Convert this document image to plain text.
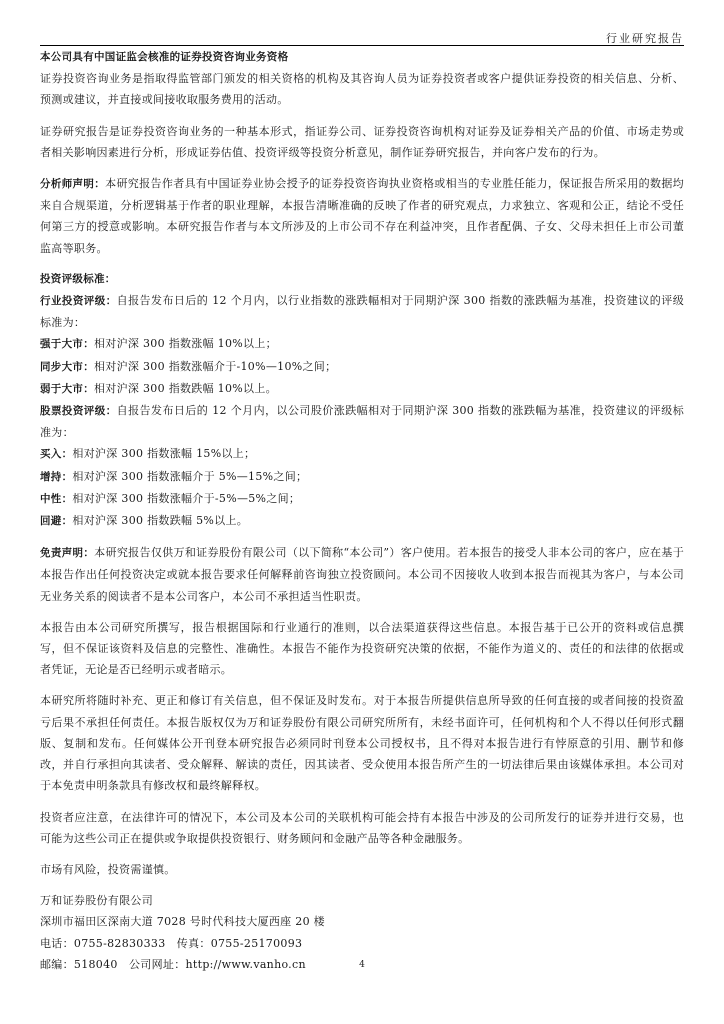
行业研究报告

本公司具有中国证监会核准的证券投资咨询业务资格

证券投资咨询业务是指取得监管部门颁发的相关资格的机构及其咨询人员为证券投资者或客户提供证券投资的相关信息、分析、预测或建议，并直接或间接收取服务费用的活动。

证券研究报告是证券投资咨询业务的一种基本形式，指证券公司、证券投资咨询机构对证券及证券相关产品的价值、市场走势或者相关影响因素进行分析，形成证券估值、投资评级等投资分析意见，制作证券研究报告，并向客户发布的行为。

分析师声明：本研究报告作者具有中国证券业协会授予的证券投资咨询执业资格或相当的专业胜任能力，保证报告所采用的数据均来自合规渠道，分析逻辑基于作者的职业理解，本报告清晰准确的反映了作者的研究观点，力求独立、客观和公正，结论不受任何第三方的授意或影响。本研究报告作者与本文所涉及的上市公司不存在利益冲突，且作者配偶、子女、父母未担任上市公司董监高等职务。

投资评级标准：

行业投资评级：自报告发布日后的 12 个月内，以行业指数的涨跌幅相对于同期沪深 300 指数的涨跌幅为基准，投资建议的评级标准为：

强于大市：相对沪深 300 指数涨幅 10%以上；

同步大市：相对沪深 300 指数涨幅介于-10%—10%之间；

弱于大市：相对沪深 300 指数跌幅 10%以上。

股票投资评级：自报告发布日后的 12 个月内，以公司股价涨跌幅相对于同期沪深 300 指数的涨跌幅为基准，投资建议的评级标准为：

买入：相对沪深 300 指数涨幅 15%以上；

增持：相对沪深 300 指数涨幅介于 5%—15%之间；

中性：相对沪深 300 指数涨幅介于-5%—5%之间；

回避：相对沪深 300 指数跌幅 5%以上。

免责声明：本研究报告仅供万和证券股份有限公司（以下简称“本公司”）客户使用。若本报告的接受人非本公司的客户，应在基于本报告作出任何投资决定或就本报告要求任何解释前咨询独立投资顾问。本公司不因接收人收到本报告而视其为客户，与本公司无业务关系的阅读者不是本公司客户，本公司不承担适当性职责。

本报告由本公司研究所撰写，报告根据国际和行业通行的准则，以合法渠道获得这些信息。本报告基于已公开的资料或信息撰写，但不保证该资料及信息的完整性、准确性。本报告不能作为投资研究决策的依据，不能作为道义的、责任的和法律的依据或者凭证，无论是否已经明示或者暗示。

本研究所将随时补充、更正和修订有关信息，但不保证及时发布。对于本报告所提供信息所导致的任何直接的或者间接的投资盈亏后果不承担任何责任。本报告版权仅为万和证券股份有限公司研究所所有，未经书面许可，任何机构和个人不得以任何形式翻版、复制和发布。任何媒体公开刊登本研究报告必须同时刊登本公司授权书，且不得对本报告进行有悖原意的引用、删节和修改，并自行承担向其读者、受众解释、解读的责任，因其读者、受众使用本报告所产生的一切法律后果由该媒体承担。本公司对于本免责申明条款具有修改权和最终解释权。

投资者应注意，在法律许可的情况下，本公司及本公司的关联机构可能会持有本报告中涉及的公司所发行的证券并进行交易，也可能为这些公司正在提供或争取提供投资银行、财务顾问和金融产品等各种金融服务。

市场有风险，投资需谨慎。

万和证券股份有限公司

深圳市福田区深南大道 7028 号时代科技大厦西座 20 楼

电话：0755-82830333　传真：0755-25170093

邮编：518040　公司网址：http://www.vanho.cn	4
